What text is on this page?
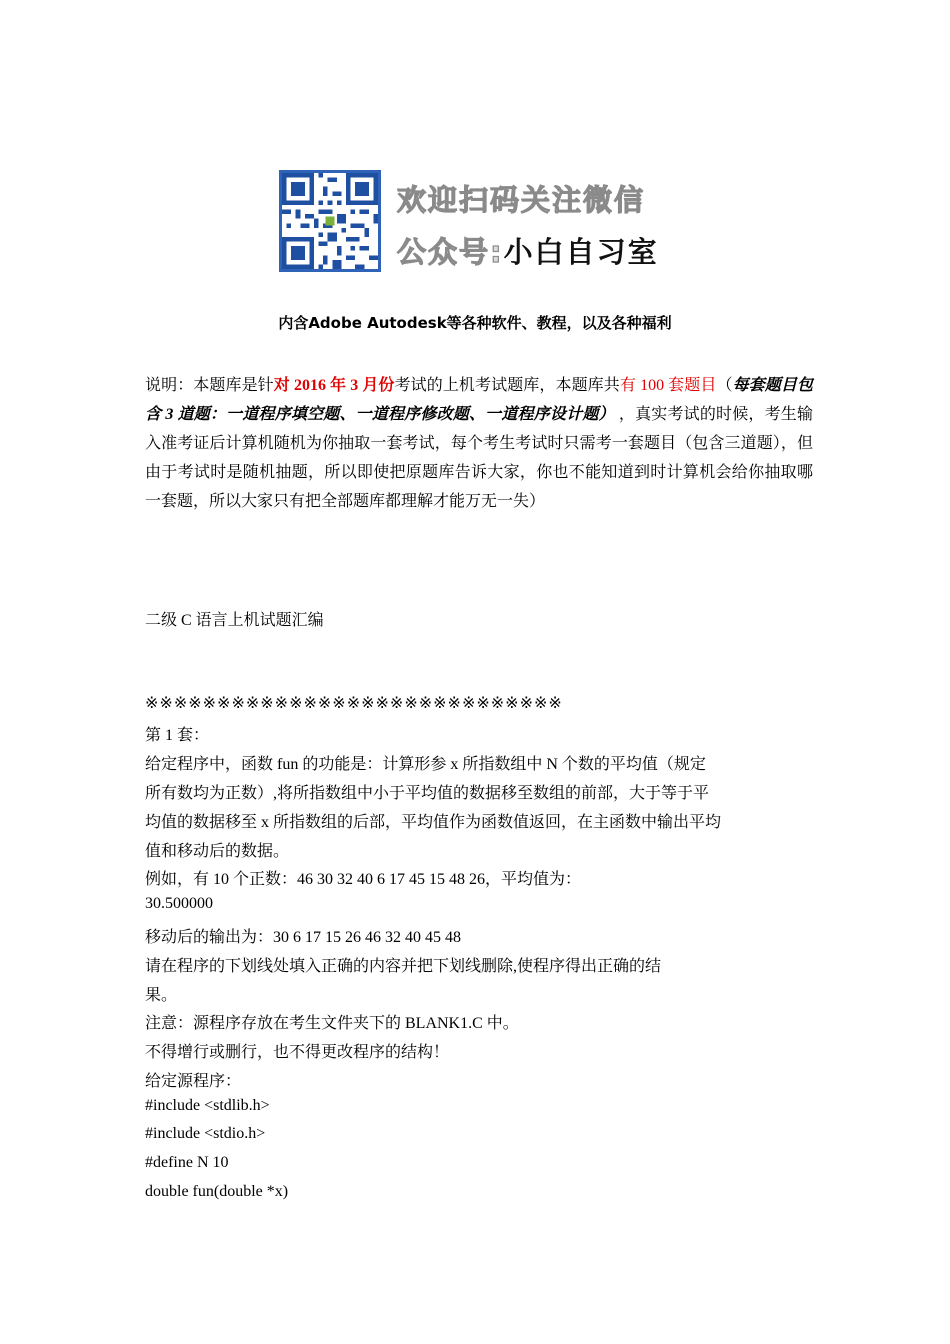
欢迎扫码关注微信
公众号:小白自习室
内含Adobe Autodesk等各种软件、教程，以及各种福利
说明：本题库是针对 2016 年 3 月份考试的上机考试题库，本题库共有 100 套题目（每套题目包含 3 道题：一道程序填空题、一道程序修改题、一道程序设计题） ，真实考试的时候，考生输入准考证后计算机随机为你抽取一套考试，每个考生考试时只需考一套题目（包含三道题），但由于考试时是随机抽题，所以即使把原题库告诉大家，你也不能知道到时计算机会给你抽取哪一套题，所以大家只有把全部题库都理解才能万无一失）
二级 C 语言上机试题汇编
※※※※※※※※※※※※※※※※※※※※※※※※※※※※※
第 1 套：
给定程序中，函数 fun 的功能是：计算形参 x 所指数组中 N 个数的平均值（规定
所有数均为正数）,将所指数组中小于平均值的数据移至数组的前部，大于等于平
均值的数据移至 x 所指数组的后部，平均值作为函数值返回，在主函数中输出平均
值和移动后的数据。
例如，有 10 个正数：46 30 32 40 6 17 45 15 48 26，平均值为：
30.500000
移动后的输出为：30 6 17 15 26 46 32 40 45 48
请在程序的下划线处填入正确的内容并把下划线删除,使程序得出正确的结
果。
注意：源程序存放在考生文件夹下的 BLANK1.C 中。
不得增行或删行，也不得更改程序的结构！
给定源程序：
#include <stdlib.h>
#include <stdio.h>
#define N 10
double fun(double *x)
